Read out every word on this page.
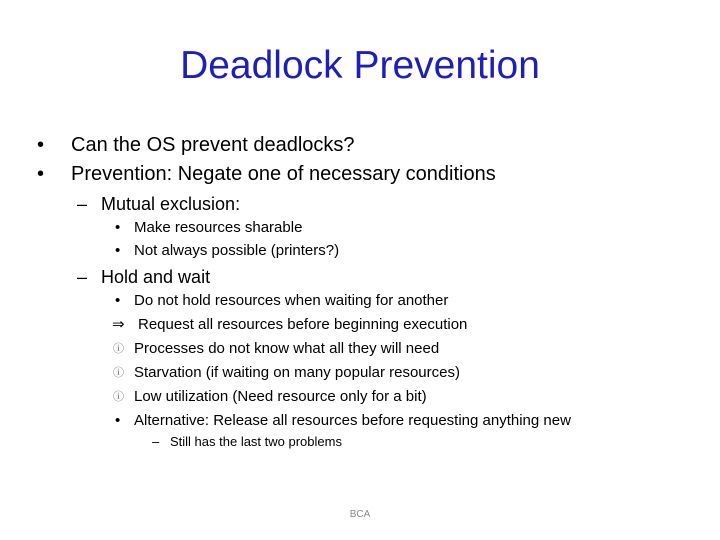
Deadlock Prevention
• Can the OS prevent deadlocks?
• Prevention: Negate one of necessary conditions
– Mutual exclusion:
• Make resources sharable
• Not always possible (printers?)
– Hold and wait
• Do not hold resources when waiting for another
⇒ Request all resources before beginning execution
ⓘ Processes do not know what all they will need
ⓘ Starvation (if waiting on many popular resources)
ⓘ Low utilization (Need resource only for a bit)
• Alternative: Release all resources before requesting anything new
– Still has the last two problems
BCA
